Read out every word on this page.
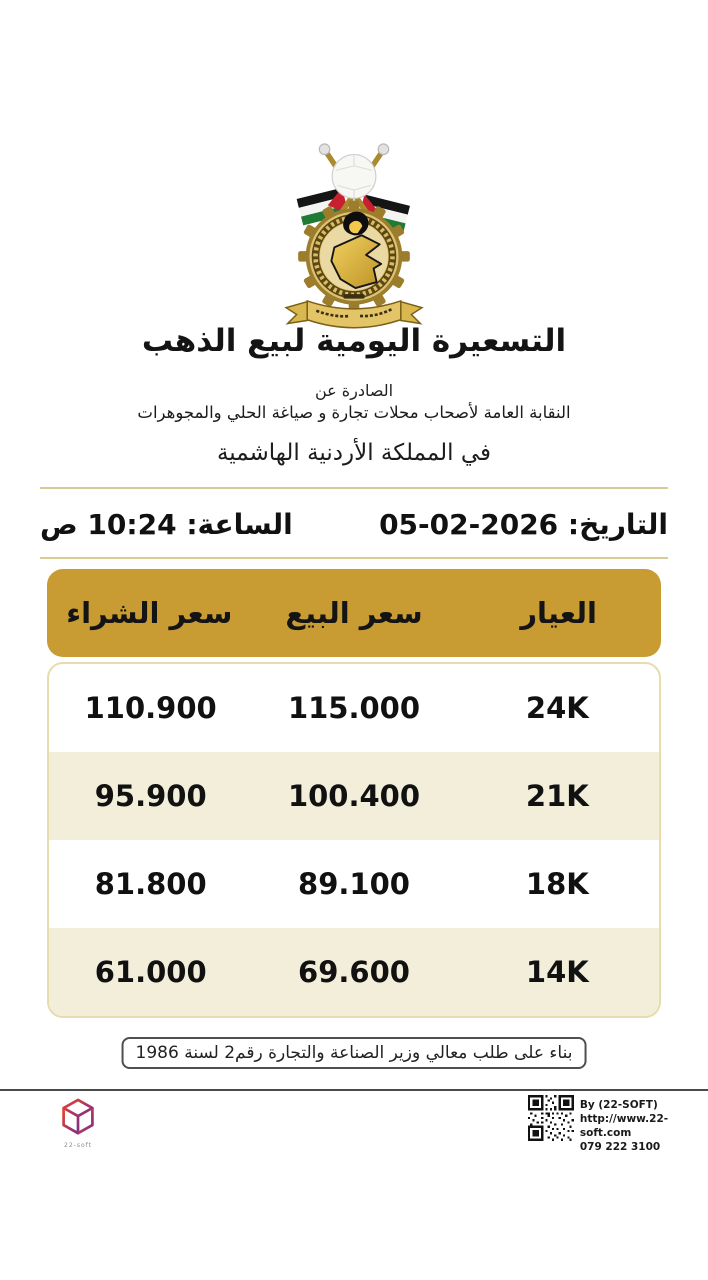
التسعيرة اليومية لبيع الذهب
الصادرة عن
النقابة العامة لأصحاب محلات تجارة و صياغة الحلي والمجوهرات
في المملكة الأردنية الهاشمية
التاريخ: 05-02-2026
الساعة: 10:24 ص
العيار
سعر البيع
سعر الشراء
24K
115.000
110.900
21K
100.400
95.900
18K
89.100
81.800
14K
69.600
61.000
بناء على طلب معالي وزير الصناعة والتجارة رقم2 لسنة 1986
22-soft
By (22-SOFT)
http://www.22-soft.com
079 222 3100
